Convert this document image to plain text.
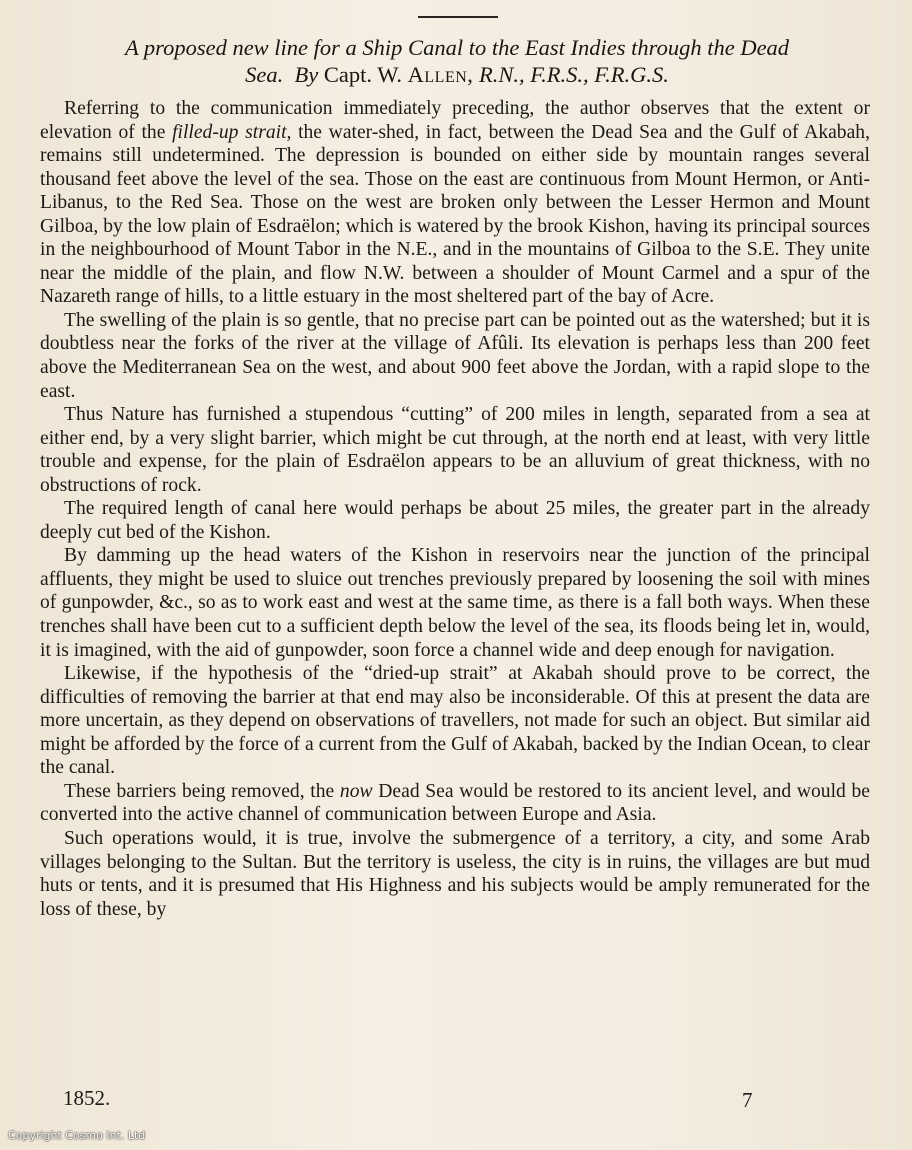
A proposed new line for a Ship Canal to the East Indies through the Dead
Sea. By Capt. W. Allen, R.N., F.R.S., F.R.G.S.

Referring to the communication immediately preceding, the author observes that the extent or elevation of the filled-up strait, the water-shed, in fact, between the Dead Sea and the Gulf of Akabah, remains still undetermined. The depression is bounded on either side by mountain ranges several thousand feet above the level of the sea. Those on the east are continuous from Mount Hermon, or Anti-Libanus, to the Red Sea. Those on the west are broken only between the Lesser Hermon and Mount Gilboa, by the low plain of Esdraëlon; which is watered by the brook Kishon, having its principal sources in the neighbourhood of Mount Tabor in the N.E., and in the mountains of Gilboa to the S.E. They unite near the middle of the plain, and flow N.W. between a shoulder of Mount Carmel and a spur of the Nazareth range of hills, to a little estuary in the most sheltered part of the bay of Acre.

The swelling of the plain is so gentle, that no precise part can be pointed out as the watershed; but it is doubtless near the forks of the river at the village of Afûli. Its elevation is perhaps less than 200 feet above the Mediterranean Sea on the west, and about 900 feet above the Jordan, with a rapid slope to the east.

Thus Nature has furnished a stupendous “cutting” of 200 miles in length, separated from a sea at either end, by a very slight barrier, which might be cut through, at the north end at least, with very little trouble and expense, for the plain of Esdraëlon appears to be an alluvium of great thickness, with no obstructions of rock.

The required length of canal here would perhaps be about 25 miles, the greater part in the already deeply cut bed of the Kishon.

By damming up the head waters of the Kishon in reservoirs near the junction of the principal affluents, they might be used to sluice out trenches previously prepared by loosening the soil with mines of gunpowder, &c., so as to work east and west at the same time, as there is a fall both ways. When these trenches shall have been cut to a sufficient depth below the level of the sea, its floods being let in, would, it is imagined, with the aid of gunpowder, soon force a channel wide and deep enough for navigation.

Likewise, if the hypothesis of the “dried-up strait” at Akabah should prove to be correct, the difficulties of removing the barrier at that end may also be inconsiderable. Of this at present the data are more uncertain, as they depend on observations of travellers, not made for such an object. But similar aid might be afforded by the force of a current from the Gulf of Akabah, backed by the Indian Ocean, to clear the canal.

These barriers being removed, the now Dead Sea would be restored to its ancient level, and would be converted into the active channel of communication between Europe and Asia.

Such operations would, it is true, involve the submergence of a territory, a city, and some Arab villages belonging to the Sultan. But the territory is useless, the city is in ruins, the villages are but mud huts or tents, and it is presumed that His Highness and his subjects would be amply remunerated for the loss of these, by

1852.	7
Copyright Cosmo Int. Ltd
